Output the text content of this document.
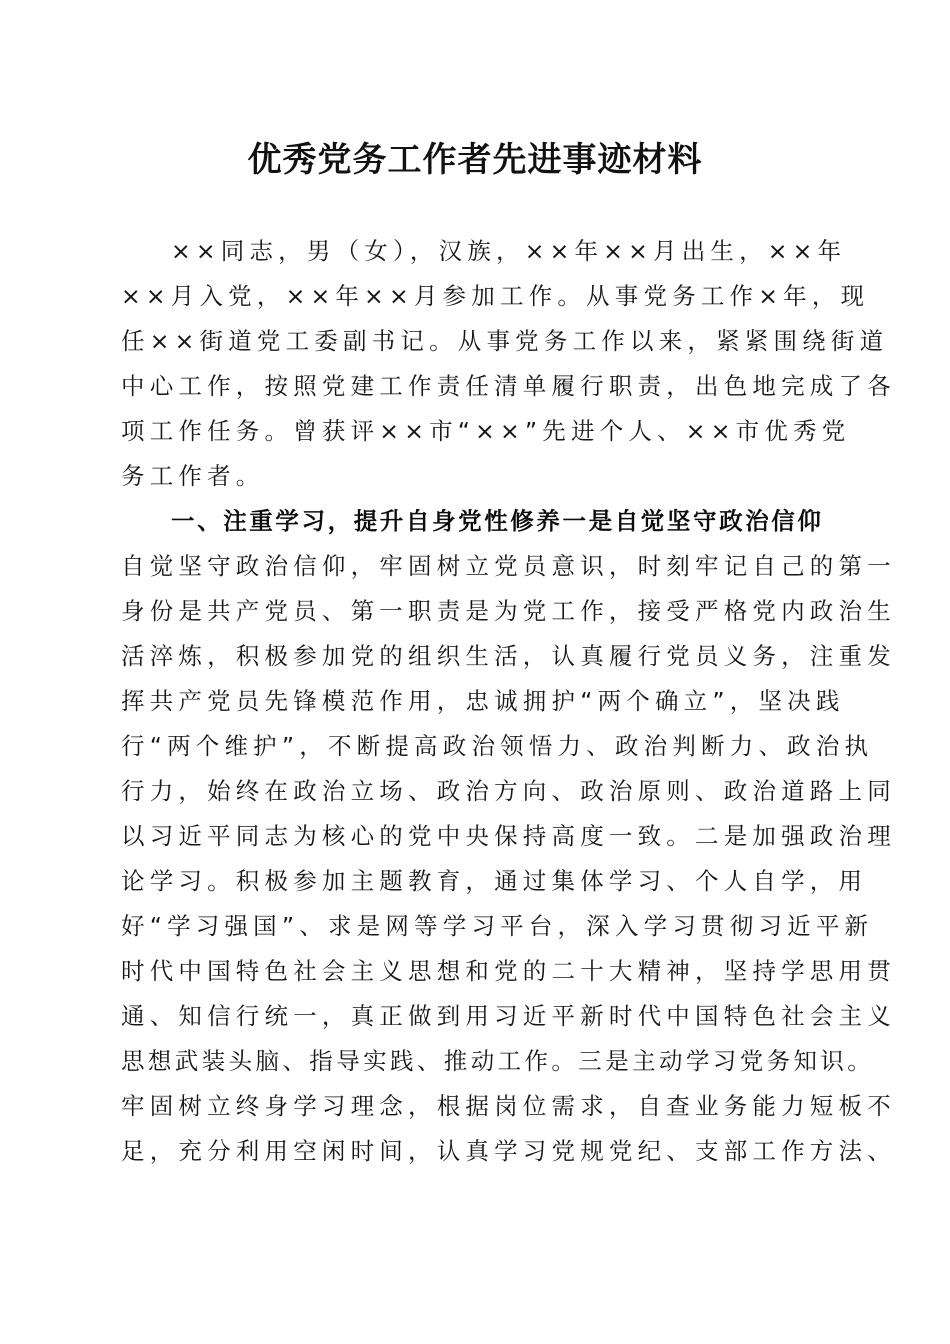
优秀党务工作者先进事迹材料
××同志，男（女），汉族，××年××月出生，××年
××月入党，××年××月参加工作。从事党务工作×年，现
任××街道党工委副书记。从事党务工作以来，紧紧围绕街道
中心工作，按照党建工作责任清单履行职责，出色地完成了各
项工作任务。曾获评××市“××”先进个人、××市优秀党
务工作者。
一、注重学习，提升自身党性修养一是自觉坚守政治信仰
自觉坚守政治信仰，牢固树立党员意识，时刻牢记自己的第一
身份是共产党员、第一职责是为党工作，接受严格党内政治生
活淬炼，积极参加党的组织生活，认真履行党员义务，注重发
挥共产党员先锋模范作用，忠诚拥护“两个确立”，坚决践
行“两个维护”，不断提高政治领悟力、政治判断力、政治执
行力，始终在政治立场、政治方向、政治原则、政治道路上同
以习近平同志为核心的党中央保持高度一致。二是加强政治理
论学习。积极参加主题教育，通过集体学习、个人自学，用
好“学习强国”、求是网等学习平台，深入学习贯彻习近平新
时代中国特色社会主义思想和党的二十大精神，坚持学思用贯
通、知信行统一，真正做到用习近平新时代中国特色社会主义
思想武装头脑、指导实践、推动工作。三是主动学习党务知识。
牢固树立终身学习理念，根据岗位需求，自查业务能力短板不
足，充分利用空闲时间，认真学习党规党纪、支部工作方法、
